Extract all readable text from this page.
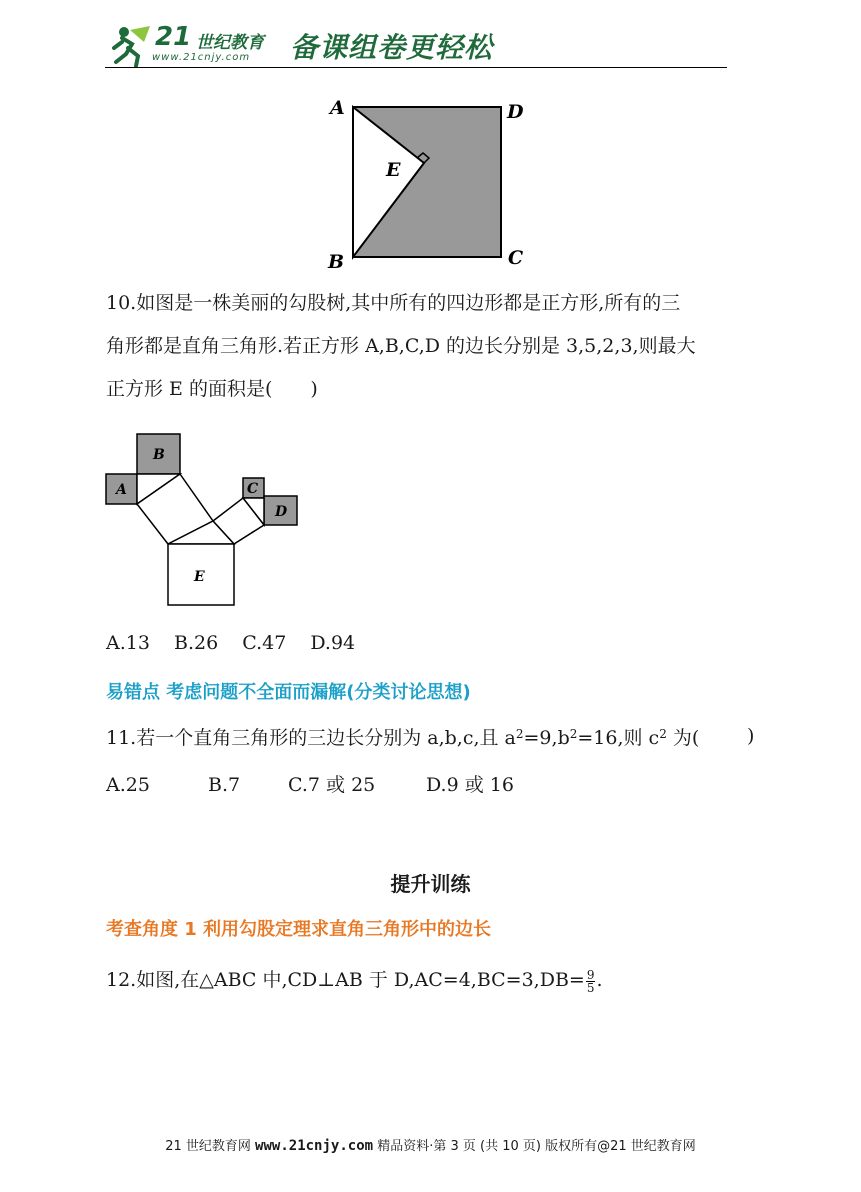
21 世纪教育
www.21cnjy.com 备课组卷更轻松
A	D
E
B	C

10.如图是一株美丽的勾股树,其中所有的四边形都是正方形,所有的三

角形都是直角三角形.若正方形 A,B,C,D 的边长分别是 3,5,2,3,则最大

正方形 E 的面积是(　　)

B
A	C
D
E
A.13 B.26 C.47 D.94
易错点 考虑问题不全面而漏解(分类讨论思想)
11.若一个直角三角形的三边长分别为 a,b,c,且 $a^2=9,b^2=16$,则 $c^2$ 为(	)
A.25	B.7	C.7 或 25	D.9 或 16
提升训练
考查角度 1 利用勾股定理求直角三角形中的边长
12.如图,在△ABC 中,CD⊥AB 于 $D,AC=4,BC=3,DB= \frac{9}{5}$ .
21 世纪教育网 www.21cnjy.com 精品资料·第 3 页 (共 10 页) 版权所有@21 世纪教育网
